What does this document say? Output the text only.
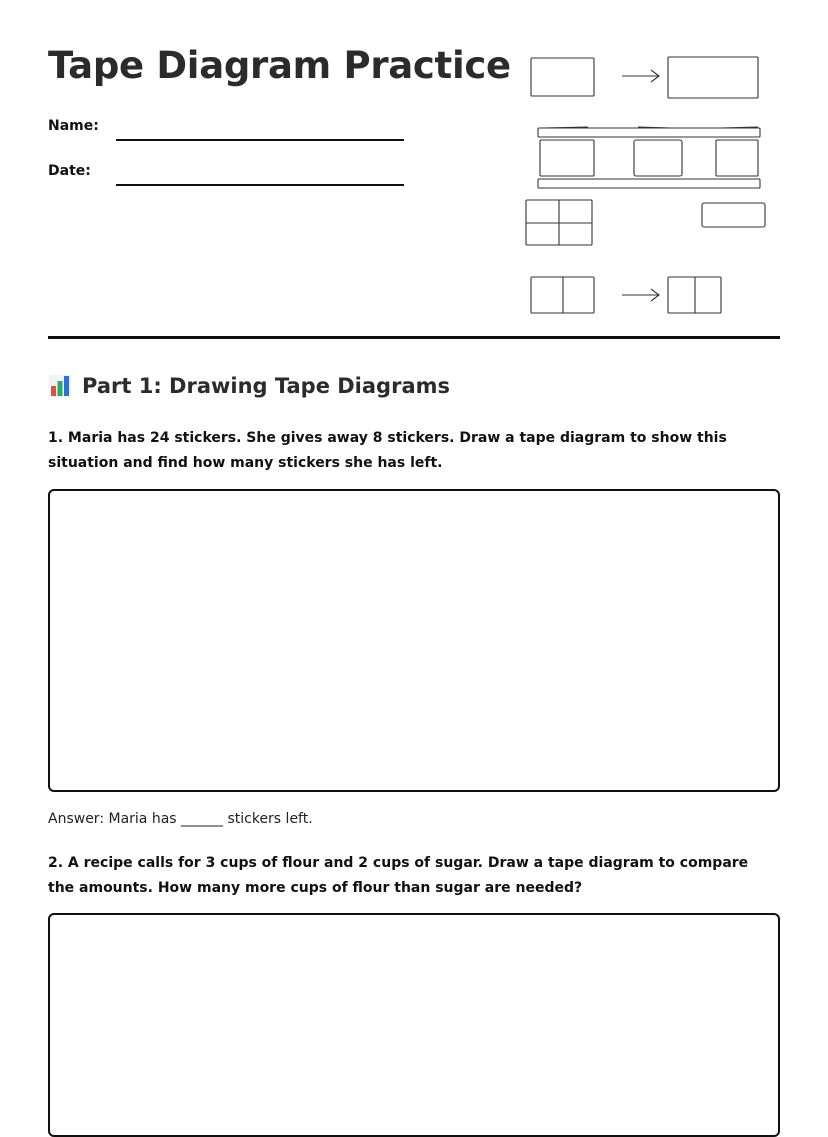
Tape Diagram Practice
Name:
Date:
Part 1: Drawing Tape Diagrams

1. Maria has 24 stickers. She gives away 8 stickers. Draw a tape diagram to show this situation and find how many stickers she has left.

Answer: Maria has ______ stickers left.

2. A recipe calls for 3 cups of flour and 2 cups of sugar. Draw a tape diagram to compare the amounts. How many more cups of flour than sugar are needed?
